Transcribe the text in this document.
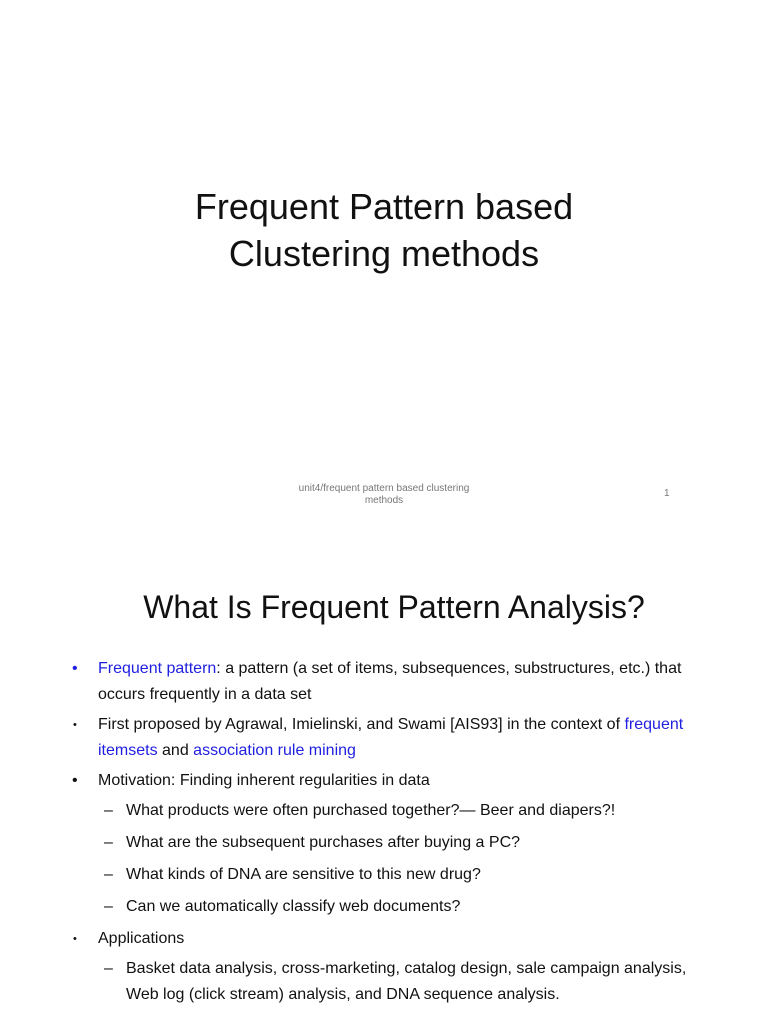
Frequent Pattern based
Clustering methods
unit4/frequent pattern based clustering
methods
1
What Is Frequent Pattern Analysis?
• Frequent pattern: a pattern (a set of items, subsequences, substructures, etc.) that occurs frequently in a data set
• First proposed by Agrawal, Imielinski, and Swami [AIS93] in the context of frequent itemsets and association rule mining
• Motivation: Finding inherent regularities in data
– What products were often purchased together?— Beer and diapers?!
– What are the subsequent purchases after buying a PC?
– What kinds of DNA are sensitive to this new drug?
– Can we automatically classify web documents?
• Applications
– Basket data analysis, cross-marketing, catalog design, sale campaign analysis, Web log (click stream) analysis, and DNA sequence analysis.
